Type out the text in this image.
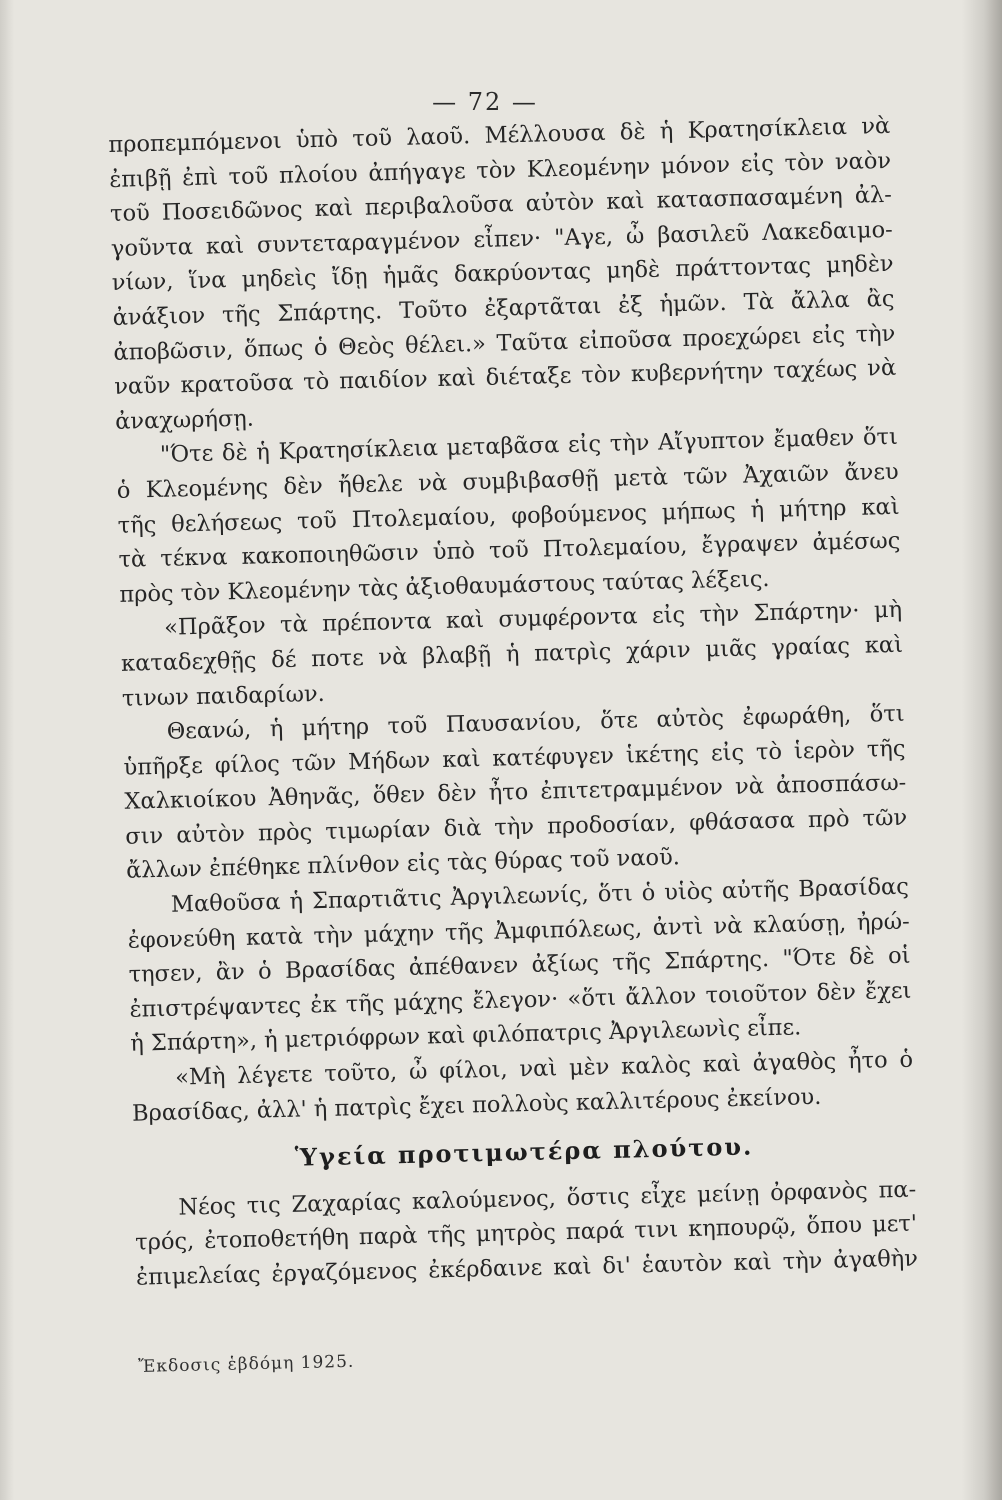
— 72 —
προπεμπόμενοι ὑπὸ τοῦ λαοῦ. Μέλλουσα δὲ ἡ Κρατησίκλεια νὰ
ἐπιβῇ ἐπὶ τοῦ πλοίου ἀπήγαγε τὸν Κλεομένην μόνον εἰς τὸν ναὸν
τοῦ Ποσειδῶνος καὶ περιβαλοῦσα αὐτὸν καὶ κατασπασαμένη ἀλ-
γοῦντα καὶ συντεταραγμένον εἶπεν· "Αγε, ὦ βασιλεῦ Λακεδαιμο-
νίων, ἵνα μηδεὶς ἴδῃ ἡμᾶς δακρύοντας μηδὲ πράττοντας μηδὲν
ἀνάξιον τῆς Σπάρτης. Τοῦτο ἐξαρτᾶται ἐξ ἡμῶν. Τὰ ἄλλα ἂς
ἀποβῶσιν, ὅπως ὁ Θεὸς θέλει.» Ταῦτα εἰποῦσα προεχώρει εἰς τὴν
ναῦν κρατοῦσα τὸ παιδίον καὶ διέταξε τὸν κυβερνήτην ταχέως νὰ
ἀναχωρήσῃ.
"Ότε δὲ ἡ Κρατησίκλεια μεταβᾶσα εἰς τὴν Αἴγυπτον ἔμαθεν ὅτι
ὁ Κλεομένης δὲν ἤθελε νὰ συμβιβασθῇ μετὰ τῶν Ἀχαιῶν ἄνευ
τῆς θελήσεως τοῦ Πτολεμαίου, φοβούμενος μήπως ἡ μήτηρ καὶ
τὰ τέκνα κακοποιηθῶσιν ὑπὸ τοῦ Πτολεμαίου, ἔγραψεν ἀμέσως
πρὸς τὸν Κλεομένην τὰς ἀξιοθαυμάστους ταύτας λέξεις.
«Πρᾶξον τὰ πρέποντα καὶ συμφέροντα εἰς τὴν Σπάρτην· μὴ
καταδεχθῇς δέ ποτε νὰ βλαβῇ ἡ πατρὶς χάριν μιᾶς γραίας καὶ
τινων παιδαρίων.
Θεανώ, ἡ μήτηρ τοῦ Παυσανίου, ὅτε αὐτὸς ἐφωράθη, ὅτι
ὑπῆρξε φίλος τῶν Μήδων καὶ κατέφυγεν ἱκέτης εἰς τὸ ἱερὸν τῆς
Χαλκιοίκου Ἀθηνᾶς, ὅθεν δὲν ἦτο ἐπιτετραμμένον νὰ ἀποσπάσω-
σιν αὐτὸν πρὸς τιμωρίαν διὰ τὴν προδοσίαν, φθάσασα πρὸ τῶν
ἄλλων ἐπέθηκε πλίνθον εἰς τὰς θύρας τοῦ ναοῦ.
Μαθοῦσα ἡ Σπαρτιᾶτις Ἀργιλεωνίς, ὅτι ὁ υἱὸς αὐτῆς Βρασίδας
ἐφονεύθη κατὰ τὴν μάχην τῆς Ἀμφιπόλεως, ἀντὶ νὰ κλαύσῃ, ἠρώ-
τησεν, ἂν ὁ Βρασίδας ἀπέθανεν ἀξίως τῆς Σπάρτης. "Ότε δὲ οἱ
ἐπιστρέψαντες ἐκ τῆς μάχης ἔλεγον· «ὅτι ἄλλον τοιοῦτον δὲν ἔχει
ἡ Σπάρτη», ἡ μετριόφρων καὶ φιλόπατρις Ἀργιλεωνὶς εἶπε.
«Μὴ λέγετε τοῦτο, ὦ φίλοι, ναὶ μὲν καλὸς καὶ ἀγαθὸς ἦτο ὁ
Βρασίδας, ἀλλ' ἡ πατρὶς ἔχει πολλοὺς καλλιτέρους ἐκείνου.
Ὑγεία προτιμωτέρα πλούτου.
Νέος τις Ζαχαρίας καλούμενος, ὅστις εἶχε μείνῃ ὀρφανὸς πα-
τρός, ἐτοποθετήθη παρὰ τῆς μητρὸς παρά τινι κηπουρῷ, ὅπου μετ'
ἐπιμελείας ἐργαζόμενος ἐκέρδαινε καὶ δι' ἑαυτὸν καὶ τὴν ἀγαθὴν
Ἔκδοσις ἑβδόμη 1925.
